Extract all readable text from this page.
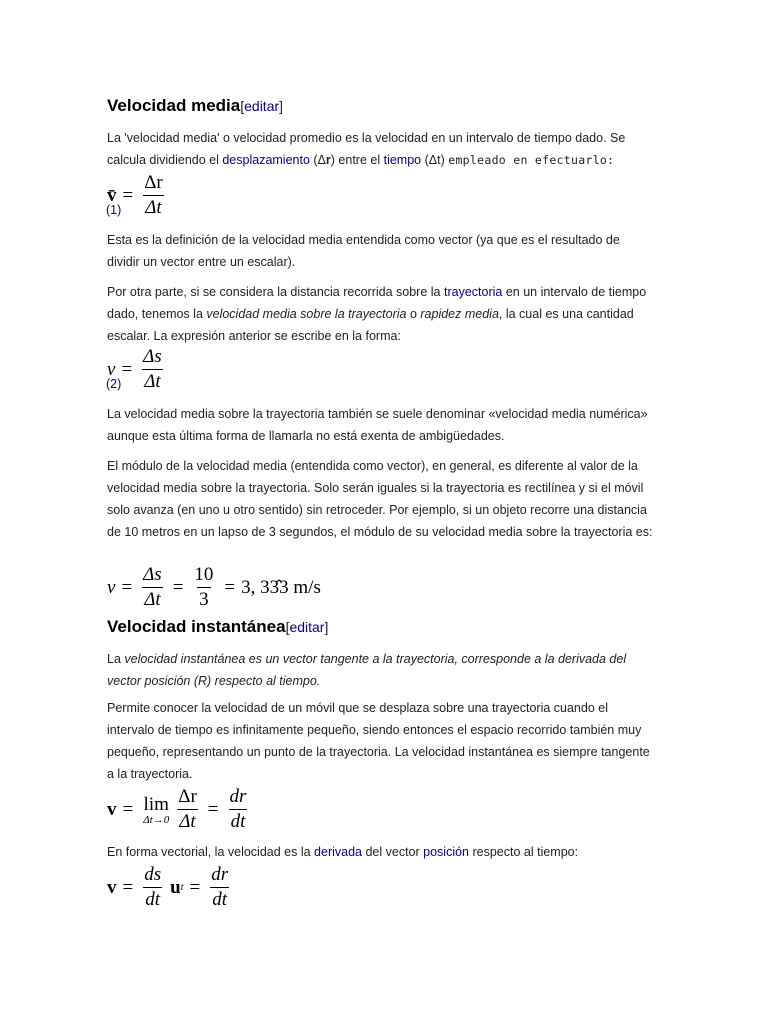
Velocidad media[editar]

La 'velocidad media' o velocidad promedio es la velocidad en un intervalo de tiempo dado. Se calcula dividiendo el desplazamiento (Δr) entre el tiempo (Δt) empleado en efectuarlo:

v̄ = $\frac{\Delta r}{\Delta t}$
(1)

Esta es la definición de la velocidad media entendida como vector (ya que es el resultado de dividir un vector entre un escalar).

Por otra parte, si se considera la distancia recorrida sobre la trayectoria en un intervalo de tiempo dado, tenemos la velocidad media sobre la trayectoria o rapidez media, la cual es una cantidad escalar. La expresión anterior se escribe en la forma:

$v = \frac{\Delta s}{\Delta t}$
(2)

La velocidad media sobre la trayectoria también se suele denominar «velocidad media numérica» aunque esta última forma de llamarla no está exenta de ambigüedades.

El módulo de la velocidad media (entendida como vector), en general, es diferente al valor de la velocidad media sobre la trayectoria. Solo serán iguales si la trayectoria es rectilínea y si el móvil solo avanza (en uno u otro sentido) sin retroceder. Por ejemplo, si un objeto recorre una distancia de 10 metros en un lapso de 3 segundos, el módulo de su velocidad media sobre la trayectoria es:

$v = \frac{\Delta s}{\Delta t} = \frac{10}{3} = 3$, 33̂3 m/s
Velocidad instantánea[editar]

La velocidad instantánea es un vector tangente a la trayectoria, corresponde a la derivada del vector posición (R) respecto al tiempo.

Permite conocer la velocidad de un móvil que se desplaza sobre una trayectoria cuando el intervalo de tiempo es infinitamente pequeño, siendo entonces el espacio recorrido también muy pequeño, representando un punto de la trayectoria. La velocidad instantánea es siempre tangente a la trayectoria.

v = lim
$\Delta t\to 0 \frac{\Delta r}{\Delta t} = \frac{dr}{dt}$

En forma vectorial, la velocidad es la derivada del vector posición respecto al tiempo:

$v = \frac{ds}{dt}$ u $t = \frac{dr}{dt}$
